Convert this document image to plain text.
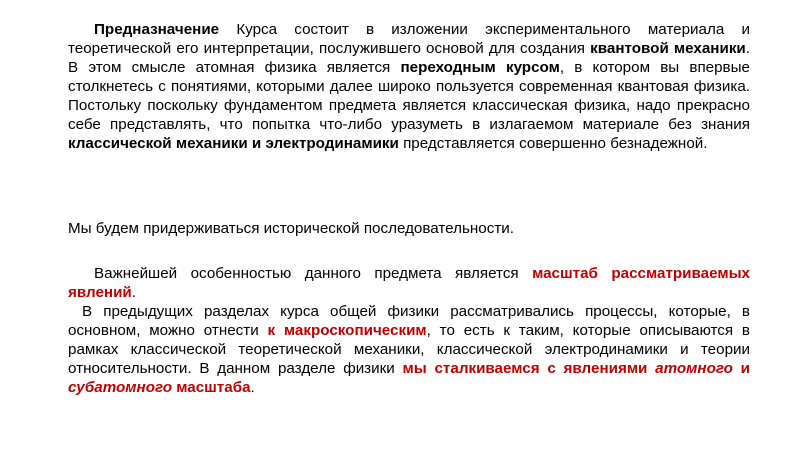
Предназначение Курса состоит в изложении экспериментального материала и теоретической его интерпретации, послужившего основой для создания квантовой механики. В этом смысле атомная физика является переходным курсом, в котором вы впервые столкнетесь с понятиями, которыми далее широко пользуется современная квантовая физика. Постольку поскольку фундаментом предмета является классическая физика, надо прекрасно себе представлять, что попытка что-либо уразуметь в излагаемом материале без знания классической механики и электродинамики представляется совершенно безнадежной.

Мы будем придерживаться исторической последовательности.

Важнейшей особенностью данного предмета является масштаб рассматриваемых явлений.

В предыдущих разделах курса общей физики рассматривались процессы, которые, в основном, можно отнести к макроскопическим, то есть к таким, которые описываются в рамках классической теоретической механики, классической электродинамики и теории относительности. В данном разделе физики мы сталкиваемся с явлениями атомного и субатомного масштаба.
